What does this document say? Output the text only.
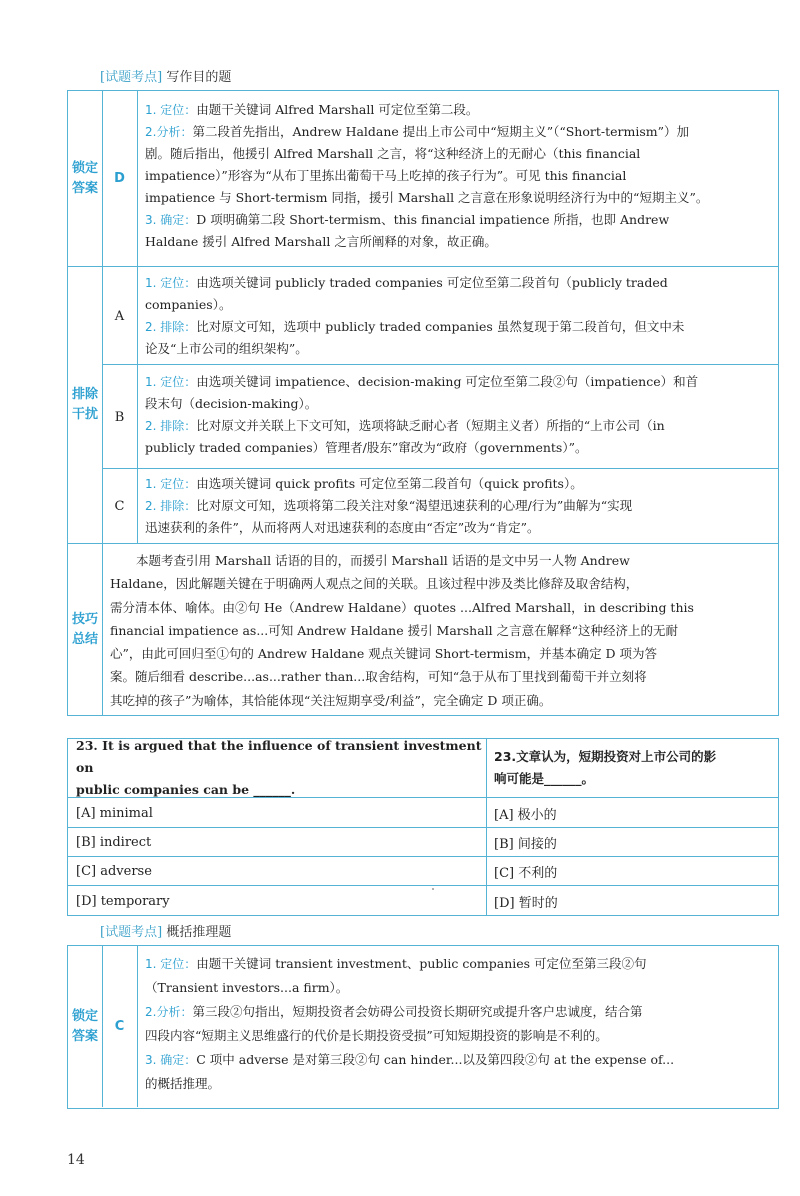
[试题考点] 写作目的题
锁定
答案
D
1. 定位：由题干关键词 Alfred Marshall 可定位至第二段。
2.分析：第二段首先指出，Andrew Haldane 提出上市公司中“短期主义”（“Short-termism”）加
剧。随后指出，他援引 Alfred Marshall 之言，将“这种经济上的无耐心（this financial
impatience）”形容为“从布丁里拣出葡萄干马上吃掉的孩子行为”。可见 this financial
impatience 与 Short-termism 同指，援引 Marshall 之言意在形象说明经济行为中的“短期主义”。
3. 确定：D 项明确第二段 Short-termism、this financial impatience 所指，也即 Andrew
Haldane 援引 Alfred Marshall 之言所阐释的对象，故正确。
排除
干扰
A
1. 定位：由选项关键词 publicly traded companies 可定位至第二段首句（publicly traded
companies）。
2. 排除：比对原文可知，选项中 publicly traded companies 虽然复现于第二段首句，但文中未
论及“上市公司的组织架构”。
B
1. 定位：由选项关键词 impatience、decision-making 可定位至第二段②句（impatience）和首
段末句（decision-making）。
2. 排除：比对原文并关联上下文可知，选项将缺乏耐心者（短期主义者）所指的“上市公司（in
publicly traded companies）管理者/股东”窜改为“政府（governments）”。
C
1. 定位：由选项关键词 quick profits 可定位至第二段首句（quick profits）。
2. 排除：比对原文可知，选项将第二段关注对象“渴望迅速获利的心理/行为”曲解为“实现
迅速获利的条件”，从而将两人对迅速获利的态度由“否定”改为“肯定”。
技巧
总结
本题考查引用 Marshall 话语的目的，而援引 Marshall 话语的是文中另一人物 Andrew
Haldane，因此解题关键在于明确两人观点之间的关联。且该过程中涉及类比修辞及取舍结构，
需分清本体、喻体。由②句 He（Andrew Haldane）quotes ...Alfred Marshall，in describing this
financial impatience as...可知 Andrew Haldane 援引 Marshall 之言意在解释“这种经济上的无耐
心”，由此可回归至①句的 Andrew Haldane 观点关键词 Short-termism，并基本确定 D 项为答
案。随后细看 describe...as...rather than...取舍结构，可知“急于从布丁里找到葡萄干并立刻将
其吃掉的孩子”为喻体，其恰能体现“关注短期享受/利益”，完全确定 D 项正确。
23. It is argued that the influence of transient investment on
public companies can be ______.
23.文章认为，短期投资对上市公司的影
响可能是______。
[A] minimal	[A] 极小的
[B] indirect	[B] 间接的
[C] adverse	[C] 不利的
[D] temporary	[D] 暂时的
[试题考点] 概括推理题
锁定
答案
C
1. 定位：由题干关键词 transient investment、public companies 可定位至第三段②句
（Transient investors...a firm）。
2.分析：第三段②句指出，短期投资者会妨碍公司投资长期研究或提升客户忠诚度，结合第
四段内容“短期主义思维盛行的代价是长期投资受损”可知短期投资的影响是不利的。
3. 确定：C 项中 adverse 是对第三段②句 can hinder...以及第四段②句 at the expense of...
的概括推理。
14
